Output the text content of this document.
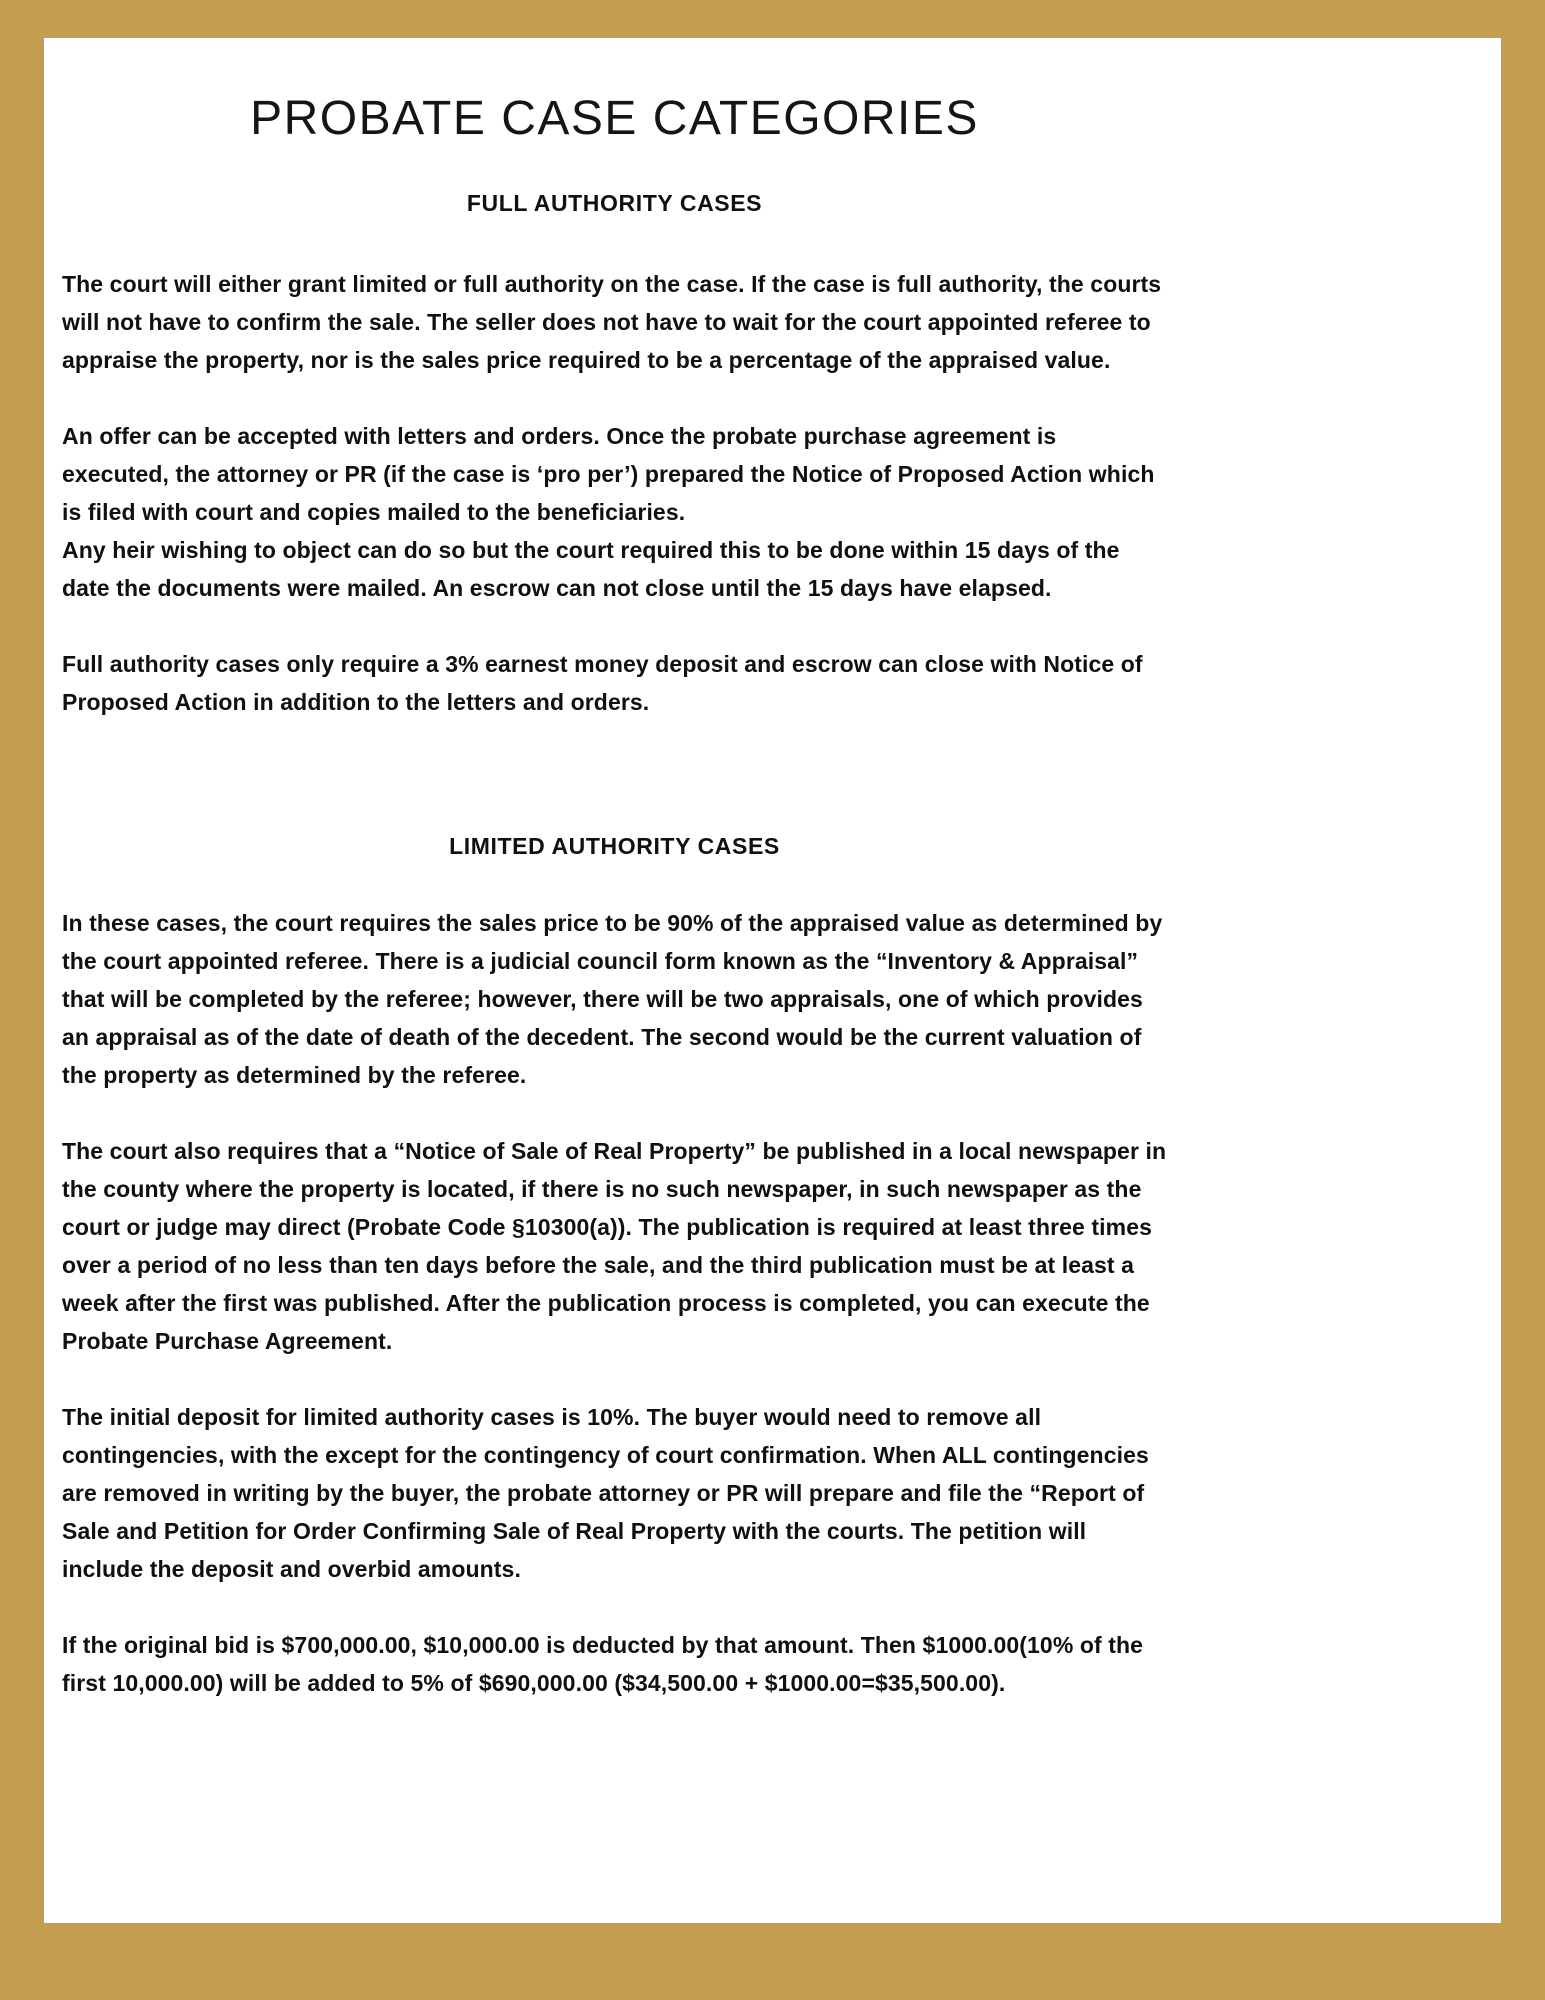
PROBATE CASE CATEGORIES
FULL AUTHORITY CASES

The court will either grant limited or full authority on the case. If the case is full authority, the courts will not have to confirm the sale. The seller does not have to wait for the court appointed referee to appraise the property, nor is the sales price required to be a percentage of the appraised value.

An offer can be accepted with letters and orders. Once the probate purchase agreement is executed, the attorney or PR (if the case is ‘pro per’) prepared the Notice of Proposed Action which is filed with court and copies mailed to the beneficiaries.
Any heir wishing to object can do so but the court required this to be done within 15 days of the date the documents were mailed. An escrow can not close until the 15 days have elapsed.

Full authority cases only require a 3% earnest money deposit and escrow can close with Notice of Proposed Action in addition to the letters and orders.

LIMITED AUTHORITY CASES

In these cases, the court requires the sales price to be 90% of the appraised value as determined by the court appointed referee. There is a judicial council form known as the “Inventory & Appraisal” that will be completed by the referee; however, there will be two appraisals, one of which provides an appraisal as of the date of death of the decedent. The second would be the current valuation of the property as determined by the referee.

The court also requires that a “Notice of Sale of Real Property” be published in a local newspaper in the county where the property is located, if there is no such newspaper, in such newspaper as the court or judge may direct (Probate Code §10300(a)). The publication is required at least three times over a period of no less than ten days before the sale, and the third publication must be at least a week after the first was published. After the publication process is completed, you can execute the Probate Purchase Agreement.

The initial deposit for limited authority cases is 10%. The buyer would need to remove all contingencies, with the except for the contingency of court confirmation. When ALL contingencies are removed in writing by the buyer, the probate attorney or PR will prepare and file the “Report of Sale and Petition for Order Confirming Sale of Real Property with the courts. The petition will include the deposit and overbid amounts.

If the original bid is $700,000.00, $10,000.00 is deducted by that amount. Then $1000.00(10% of the first 10,000.00) will be added to 5% of $690,000.00 ($34,500.00 + $1000.00=$35,500.00).
